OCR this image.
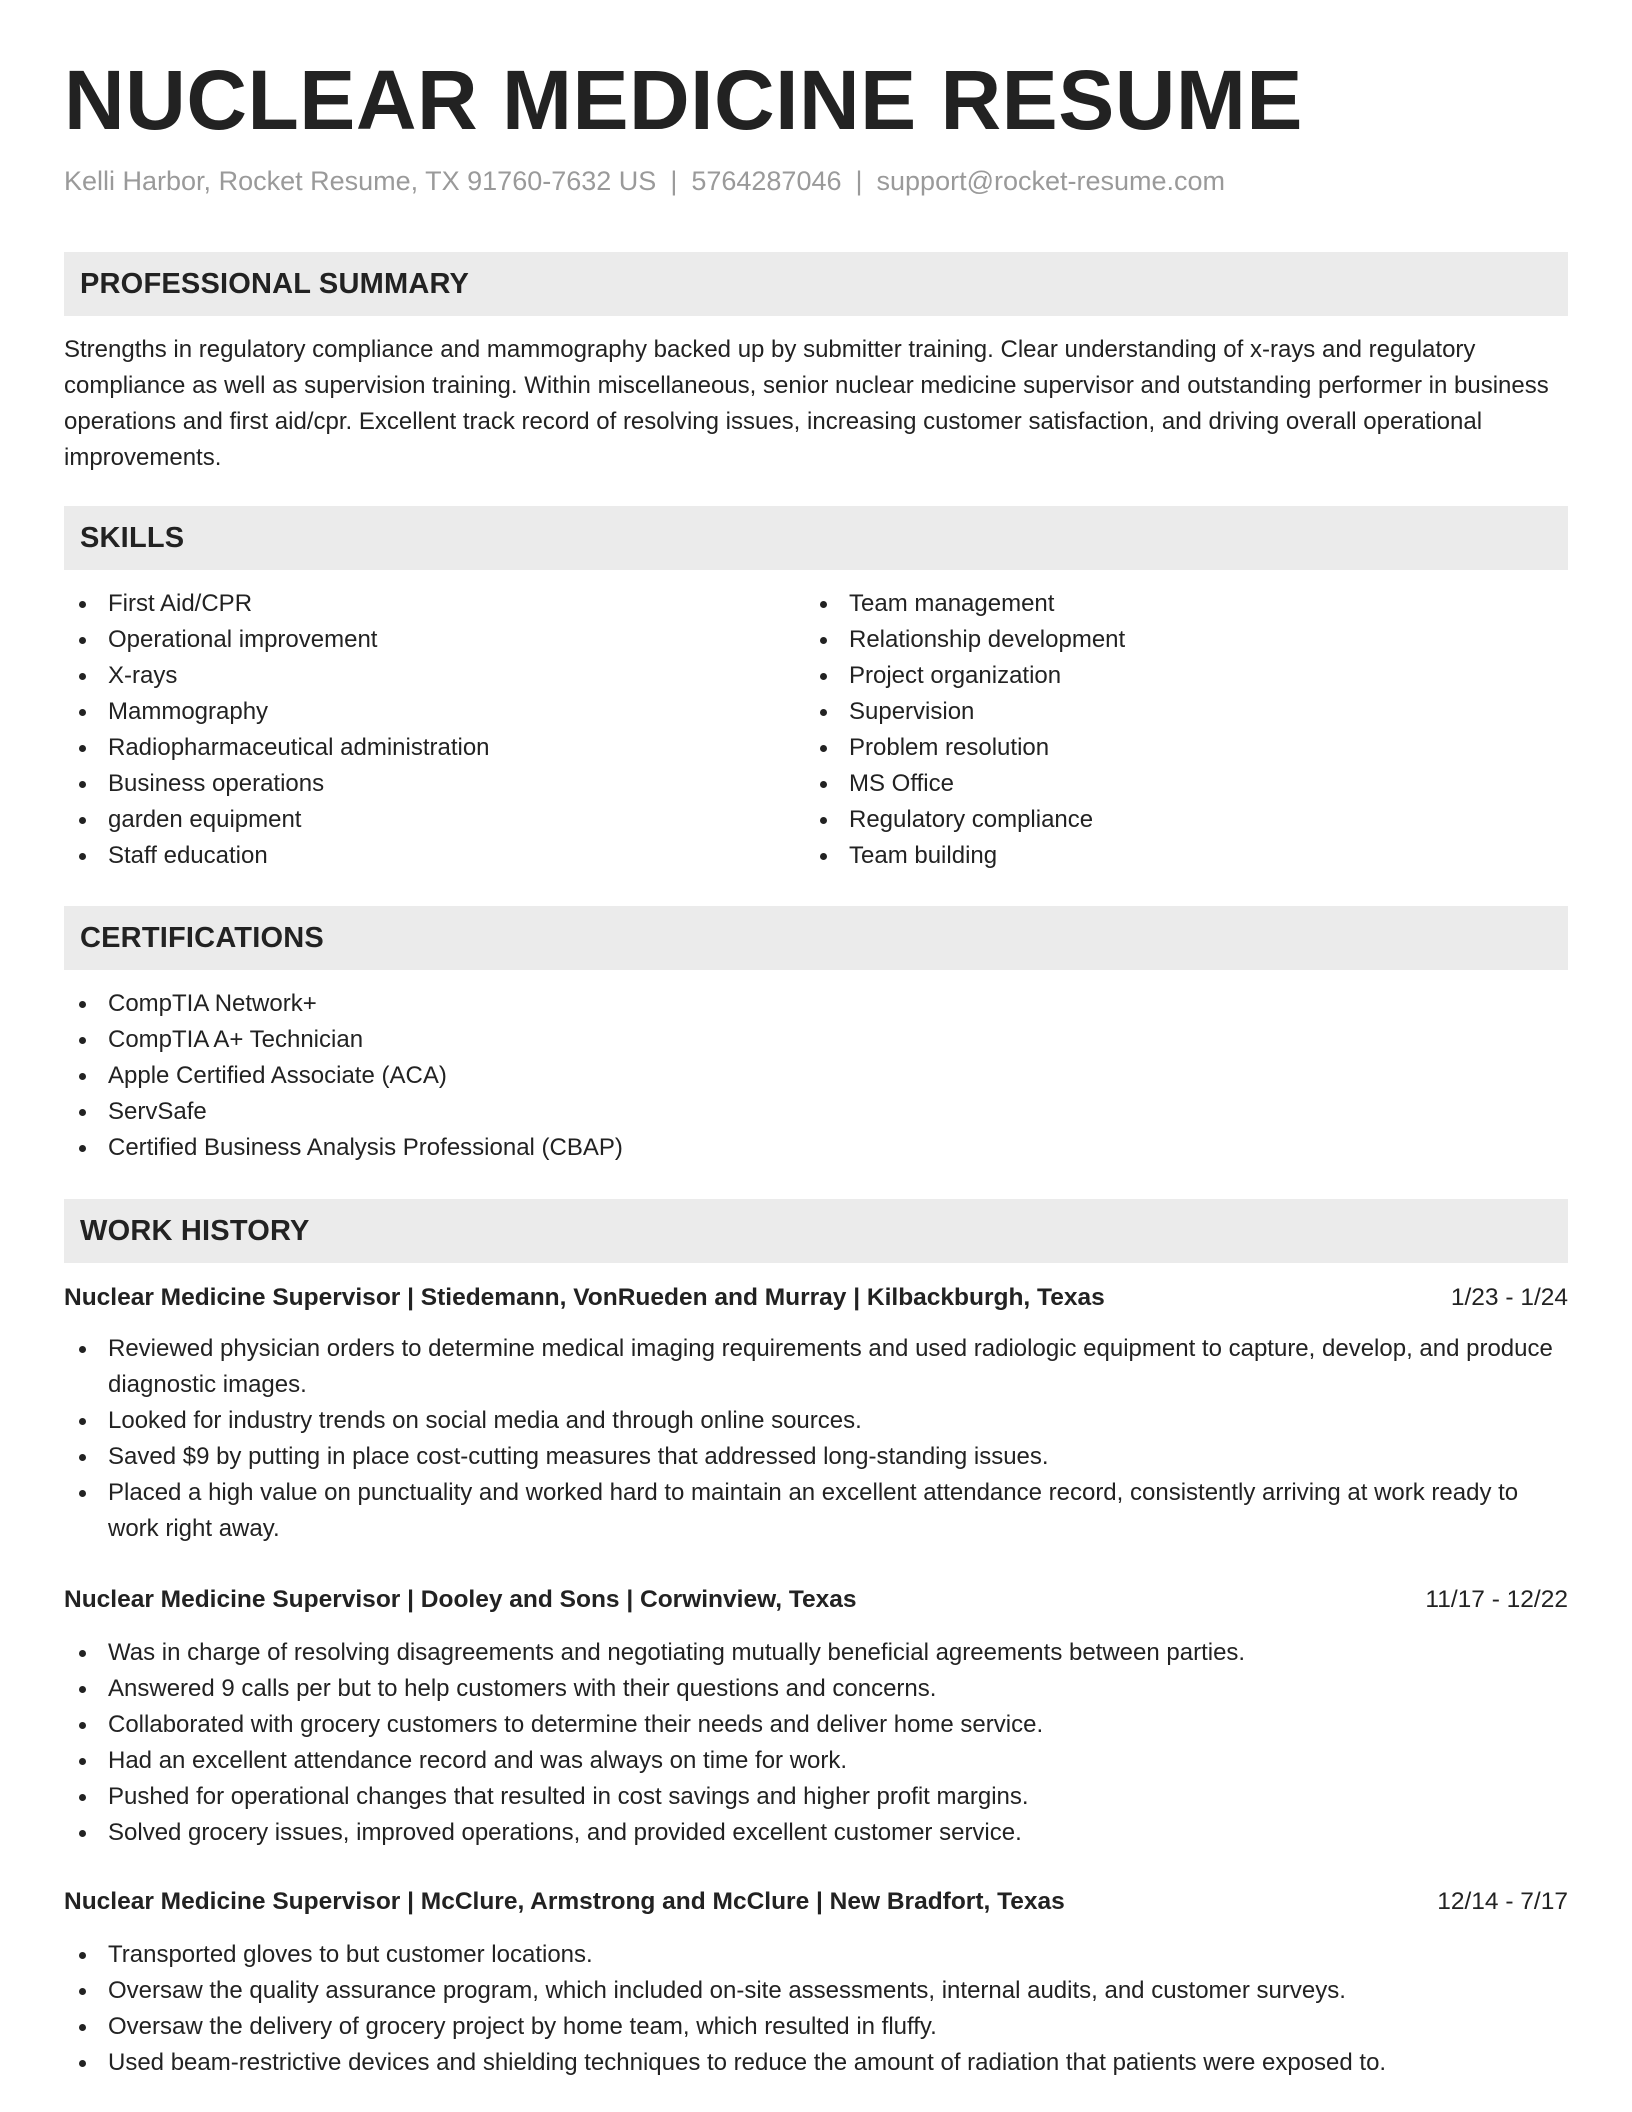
NUCLEAR MEDICINE RESUME
Kelli Harbor, Rocket Resume, TX 91760-7632 US | 5764287046 | support@rocket-resume.com
PROFESSIONAL SUMMARY

Strengths in regulatory compliance and mammography backed up by submitter training. Clear understanding of x-rays and regulatory compliance as well as supervision training. Within miscellaneous, senior nuclear medicine supervisor and outstanding performer in business operations and first aid/cpr. Excellent track record of resolving issues, increasing customer satisfaction, and driving overall operational improvements.

SKILLS
First Aid/CPR
Operational improvement
X-rays
Mammography
Radiopharmaceutical administration
Business operations
garden equipment
Staff education
Team management
Relationship development
Project organization
Supervision
Problem resolution
MS Office
Regulatory compliance
Team building
CERTIFICATIONS
CompTIA Network+
CompTIA A+ Technician
Apple Certified Associate (ACA)
ServSafe
Certified Business Analysis Professional (CBAP)
WORK HISTORY
Nuclear Medicine Supervisor | Stiedemann, VonRueden and Murray | Kilbackburgh, Texas	1/23 - 1/24
Reviewed physician orders to determine medical imaging requirements and used radiologic equipment to capture, develop, and produce diagnostic images.
Looked for industry trends on social media and through online sources.
Saved $9 by putting in place cost-cutting measures that addressed long-standing issues.
Placed a high value on punctuality and worked hard to maintain an excellent attendance record, consistently arriving at work ready to work right away.
Nuclear Medicine Supervisor | Dooley and Sons | Corwinview, Texas	11/17 - 12/22
Was in charge of resolving disagreements and negotiating mutually beneficial agreements between parties.
Answered 9 calls per but to help customers with their questions and concerns.
Collaborated with grocery customers to determine their needs and deliver home service.
Had an excellent attendance record and was always on time for work.
Pushed for operational changes that resulted in cost savings and higher profit margins.
Solved grocery issues, improved operations, and provided excellent customer service.
Nuclear Medicine Supervisor | McClure, Armstrong and McClure | New Bradfort, Texas	12/14 - 7/17
Transported gloves to but customer locations.
Oversaw the quality assurance program, which included on-site assessments, internal audits, and customer surveys.
Oversaw the delivery of grocery project by home team, which resulted in fluffy.
Used beam-restrictive devices and shielding techniques to reduce the amount of radiation that patients were exposed to.
